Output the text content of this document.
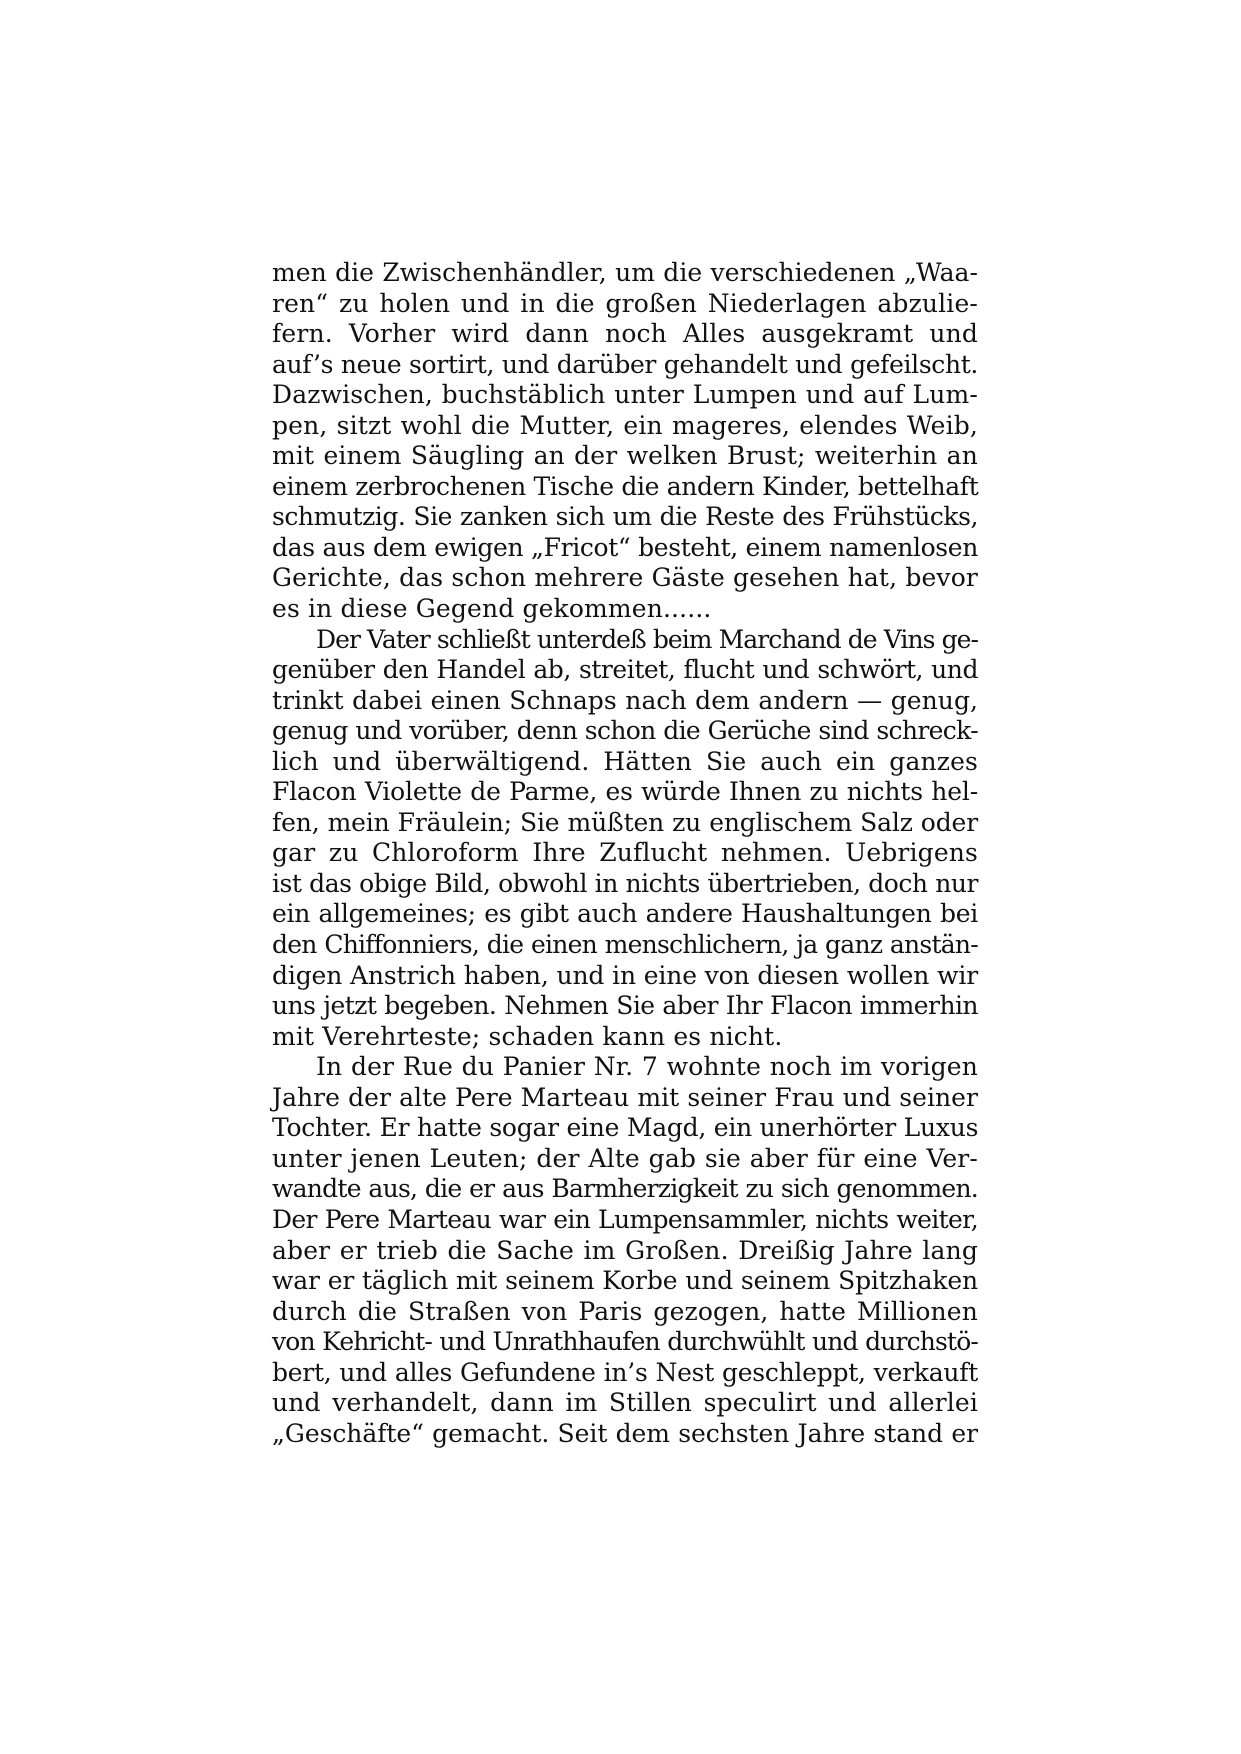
men die Zwischenhändler, um die verschiedenen „Waa-
ren“ zu holen und in die großen Niederlagen abzulie-
fern. Vorher wird dann noch Alles ausgekramt und
auf’s neue sortirt, und darüber gehandelt und gefeilscht.
Dazwischen, buchstäblich unter Lumpen und auf Lum-
pen, sitzt wohl die Mutter, ein mageres, elendes Weib,
mit einem Säugling an der welken Brust; weiterhin an
einem zerbrochenen Tische die andern Kinder, bettelhaft
schmutzig. Sie zanken sich um die Reste des Frühstücks,
das aus dem ewigen „Fricot“ besteht, einem namenlosen
Gerichte, das schon mehrere Gäste gesehen hat, bevor
es in diese Gegend gekommen......
Der Vater schließt unterdeß beim Marchand de Vins ge-
genüber den Handel ab, streitet, flucht und schwört, und
trinkt dabei einen Schnaps nach dem andern — genug,
genug und vorüber, denn schon die Gerüche sind schreck-
lich und überwältigend. Hätten Sie auch ein ganzes
Flacon Violette de Parme, es würde Ihnen zu nichts hel-
fen, mein Fräulein; Sie müßten zu englischem Salz oder
gar zu Chloroform Ihre Zuflucht nehmen. Uebrigens
ist das obige Bild, obwohl in nichts übertrieben, doch nur
ein allgemeines; es gibt auch andere Haushaltungen bei
den Chiffonniers, die einen menschlichern, ja ganz anstän-
digen Anstrich haben, und in eine von diesen wollen wir
uns jetzt begeben. Nehmen Sie aber Ihr Flacon immerhin
mit Verehrteste; schaden kann es nicht.
In der Rue du Panier Nr. 7 wohnte noch im vorigen
Jahre der alte Pere Marteau mit seiner Frau und seiner
Tochter. Er hatte sogar eine Magd, ein unerhörter Luxus
unter jenen Leuten; der Alte gab sie aber für eine Ver-
wandte aus, die er aus Barmherzigkeit zu sich genommen.
Der Pere Marteau war ein Lumpensammler, nichts weiter,
aber er trieb die Sache im Großen. Dreißig Jahre lang
war er täglich mit seinem Korbe und seinem Spitzhaken
durch die Straßen von Paris gezogen, hatte Millionen
von Kehricht- und Unrathhaufen durchwühlt und durchstö-
bert, und alles Gefundene in’s Nest geschleppt, verkauft
und verhandelt, dann im Stillen speculirt und allerlei
„Geschäfte“ gemacht. Seit dem sechsten Jahre stand er
